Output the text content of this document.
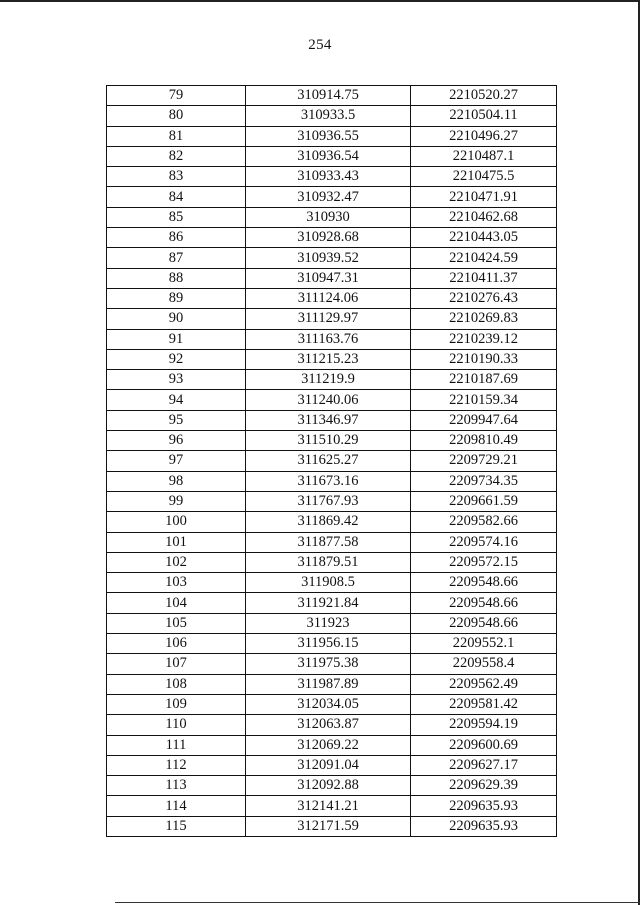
254
79	310914.75	2210520.27
80	310933.5	2210504.11
81	310936.55	2210496.27
82	310936.54	2210487.1
83	310933.43	2210475.5
84	310932.47	2210471.91
85	310930	2210462.68
86	310928.68	2210443.05
87	310939.52	2210424.59
88	310947.31	2210411.37
89	311124.06	2210276.43
90	311129.97	2210269.83
91	311163.76	2210239.12
92	311215.23	2210190.33
93	311219.9	2210187.69
94	311240.06	2210159.34
95	311346.97	2209947.64
96	311510.29	2209810.49
97	311625.27	2209729.21
98	311673.16	2209734.35
99	311767.93	2209661.59
100	311869.42	2209582.66
101	311877.58	2209574.16
102	311879.51	2209572.15
103	311908.5	2209548.66
104	311921.84	2209548.66
105	311923	2209548.66
106	311956.15	2209552.1
107	311975.38	2209558.4
108	311987.89	2209562.49
109	312034.05	2209581.42
110	312063.87	2209594.19
111	312069.22	2209600.69
112	312091.04	2209627.17
113	312092.88	2209629.39
114	312141.21	2209635.93
115	312171.59	2209635.93
